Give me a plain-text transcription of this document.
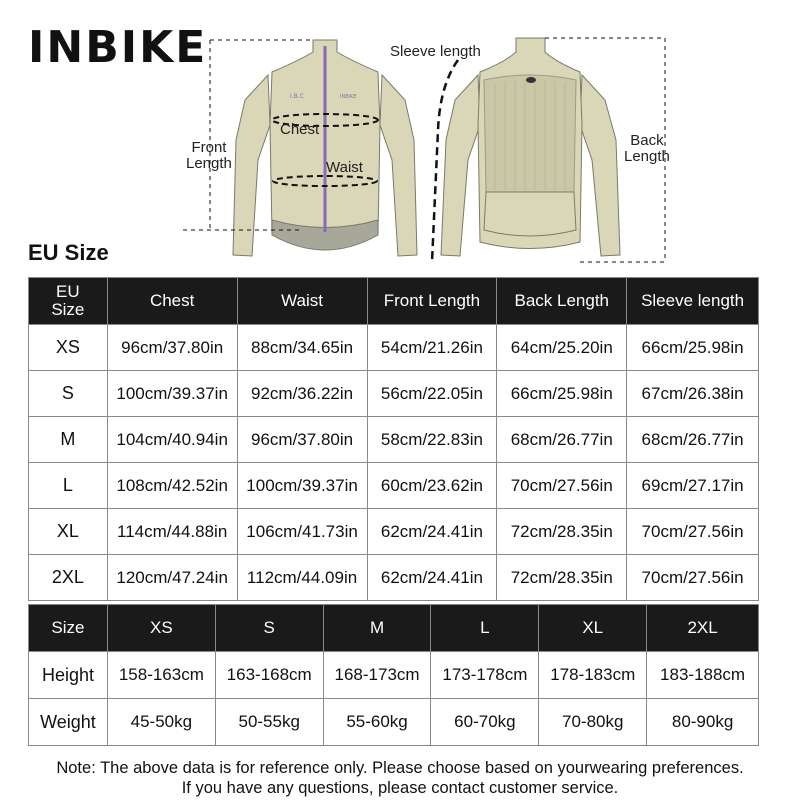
INBIKE
I.B.C	INBIKE
Sleeve length
Front
Length
Chest
Waist
Back
Length
EU Size
EU
Size	Chest	Waist	Front Length	Back Length	Sleeve length
XS	96cm/37.80in	88cm/34.65in	54cm/21.26in	64cm/25.20in	66cm/25.98in
S	100cm/39.37in	92cm/36.22in	56cm/22.05in	66cm/25.98in	67cm/26.38in
M	104cm/40.94in	96cm/37.80in	58cm/22.83in	68cm/26.77in	68cm/26.77in
L	108cm/42.52in	100cm/39.37in	60cm/23.62in	70cm/27.56in	69cm/27.17in
XL	114cm/44.88in	106cm/41.73in	62cm/24.41in	72cm/28.35in	70cm/27.56in
2XL	120cm/47.24in	112cm/44.09in	62cm/24.41in	72cm/28.35in	70cm/27.56in
Size	XS	S	M	L	XL	2XL
Height	158-163cm	163-168cm	168-173cm	173-178cm	178-183cm	183-188cm
Weight	45-50kg	50-55kg	55-60kg	60-70kg	70-80kg	80-90kg
Note: The above data is for reference only. Please choose based on yourwearing preferences.
If you have any questions, please contact customer service.
